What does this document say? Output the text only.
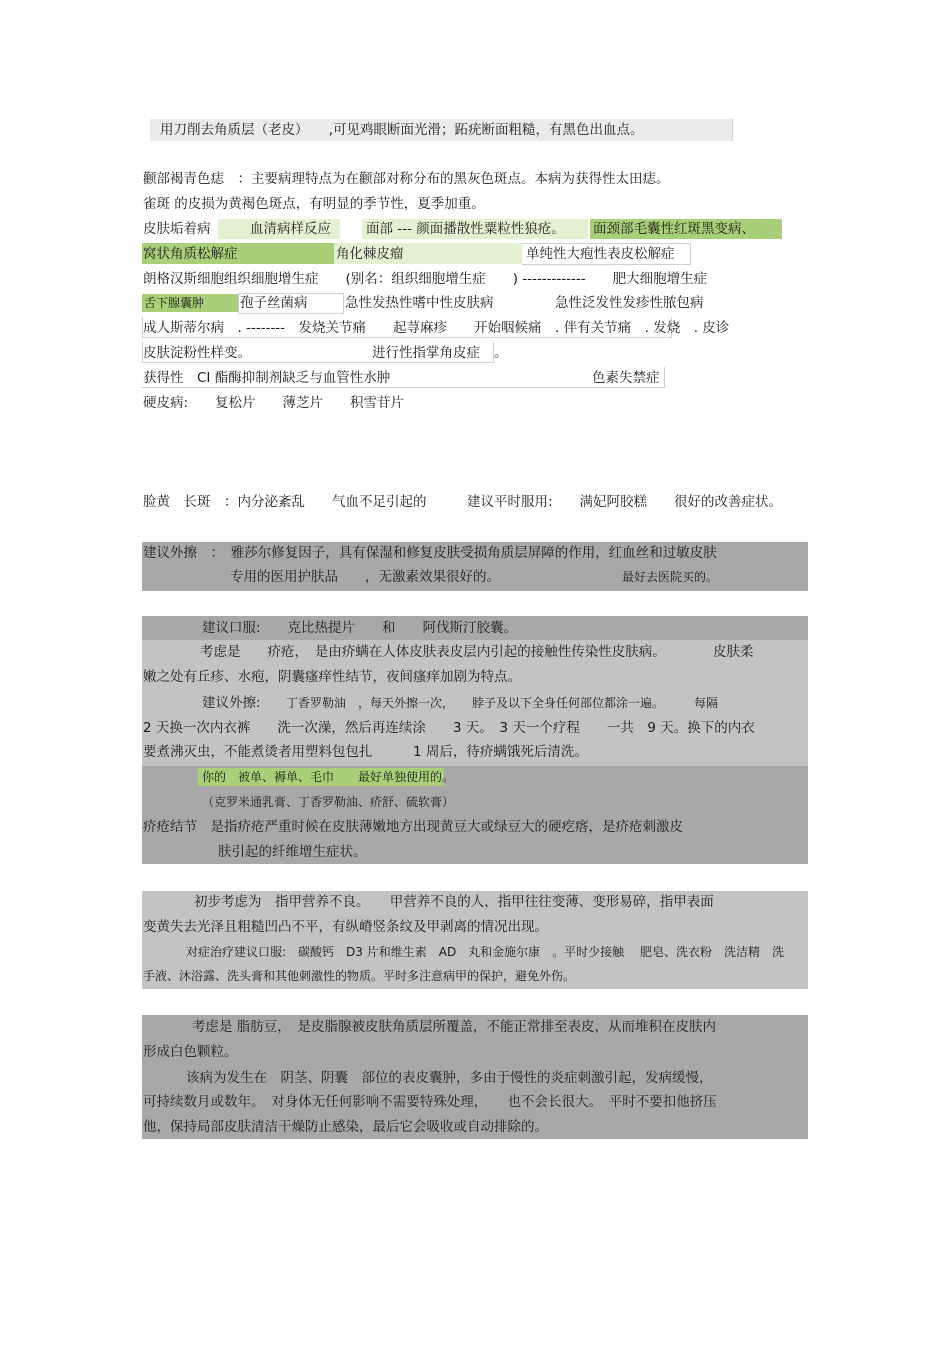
用刀削去角质层（老皮）　　,可见鸡眼断面光滑；跖疣断面粗糙，有黑色出血点。
颧部褐青色痣　：主要病理特点为在颧部对称分布的黑灰色斑点。本病为获得性太田痣。
雀斑 的皮损为黄褐色斑点，有明显的季节性，夏季加重。
皮肤垢着病	血清病样反应	面部 --- 颜面播散性粟粒性狼疮。 面颈部毛囊性红斑黑变病、
窝状角质松解症	角化棘皮瘤	单纯性大疱性表皮松解症
朗格汉斯细胞组织细胞增生症　　(别名：组织细胞增生症　　) -------------　　肥大细胞增生症
舌下腺囊肿	孢子丝菌病	急性发热性嗜中性皮肤病	急性泛发性发疹性脓包病
成人斯蒂尔病　. --------　发烧关节痛　　起荨麻疹　　开始咽候痛　. 伴有关节痛　. 发烧　. 皮诊
皮肤淀粉性样变。	进行性指掌角皮症 。
获得性　CI 酯酶抑制剂缺乏与血管性水肿	色素失禁症
硬皮病:　　复松片　　薄芝片　　积雪苷片
脸黄　长斑　：内分泌紊乱　　气血不足引起的　　　建议平时服用:　　满妃阿胶糕　　很好的改善症状。
建议外擦　：　雅莎尔修复因子，具有保湿和修复皮肤受损角质层屏障的作用，红血丝和过敏皮肤
专用的医用护肤品　　，无激素效果很好的。	最好去医院买的。
建议口服:　　克比热提片　　和　　阿伐斯汀胶囊。
考虑是　　疥疮，　是由疥螨在人体皮肤表皮层内引起的接触性传染性皮肤病。　　　　皮肤柔
嫩之处有丘疹、水疱，阴囊瘙痒性结节，夜间瘙痒加剧为特点。
建议外擦: 丁香罗勒油　，每天外擦一次，　　脖子及以下全身任何部位都涂一遍。　　　每隔
2 天换一次内衣裤　　洗一次澡，然后再连续涂　　3 天。　3 天一个疗程　　一共　9 天。换下的内衣
要煮沸灭虫，不能煮烫者用塑料包包扎　　　1 周后，待疥螨饿死后清洗。
你的　被单、褥单、毛巾　　最好单独使用的。
（克罗米通乳膏、丁香罗勒油、疥舒、硫软膏）
疥疮结节　是指疥疮严重时候在皮肤薄嫩地方出现黄豆大或绿豆大的硬疙瘩，是疥疮刺激皮
肤引起的纤维增生症状。
初步考虑为　指甲营养不良。　　甲营养不良的人，指甲往往变薄、变形易碎，指甲表面
变黄失去光泽且粗糙凹凸不平，有纵嵴竖条纹及甲剥离的情况出现。
对症治疗建议口服:　碳酸钙　D3 片和维生素　AD　丸和金施尔康　。平时少接触　 肥皂、洗衣粉　洗洁精　洗
手液、沐浴露、洗头膏和其他刺激性的物质。平时多注意病甲的保护，避免外伤。
考虑是 脂肪豆，　是皮脂腺被皮肤角质层所覆盖，不能正常排至表皮，从而堆积在皮肤内
形成白色颗粒。
该病为发生在　阴茎、阴囊　部位的表皮囊肿，多由于慢性的炎症刺激引起，发病缓慢，
可持续数月或数年。　对身体无任何影响不需要特殊处理，　　也不会长很大。　平时不要扣他挤压
他，保持局部皮肤清洁干燥防止感染，最后它会吸收或自动排除的。
